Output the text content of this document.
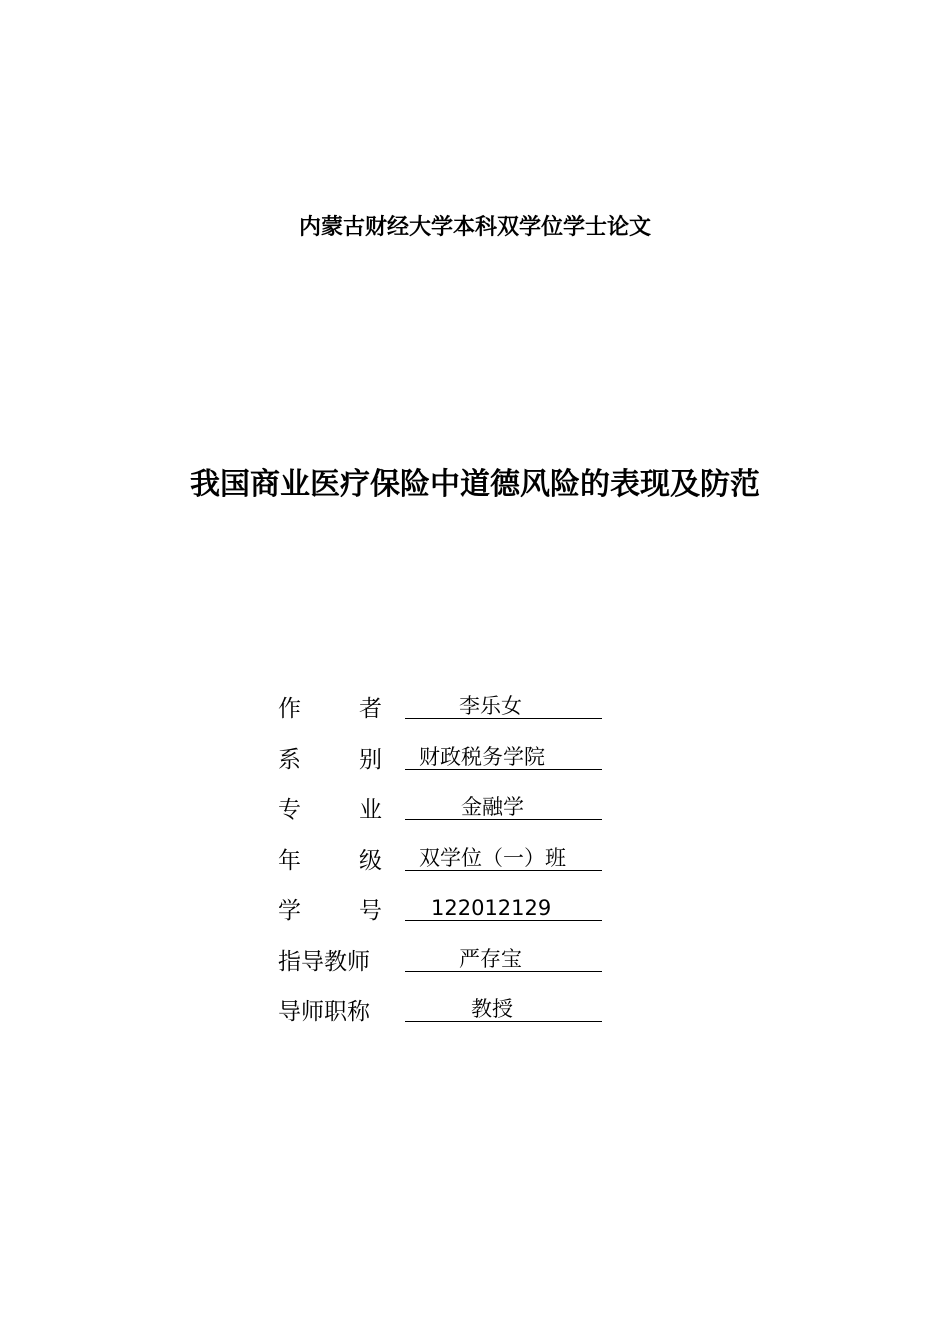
内蒙古财经大学本科双学位学士论文
我国商业医疗保险中道德风险的表现及防范
作	者	李乐女
系	别	财政税务学院
专	业	金融学
年	级	双学位（一）班
学	号	122012129
指导教师	严存宝
导师职称	教授
